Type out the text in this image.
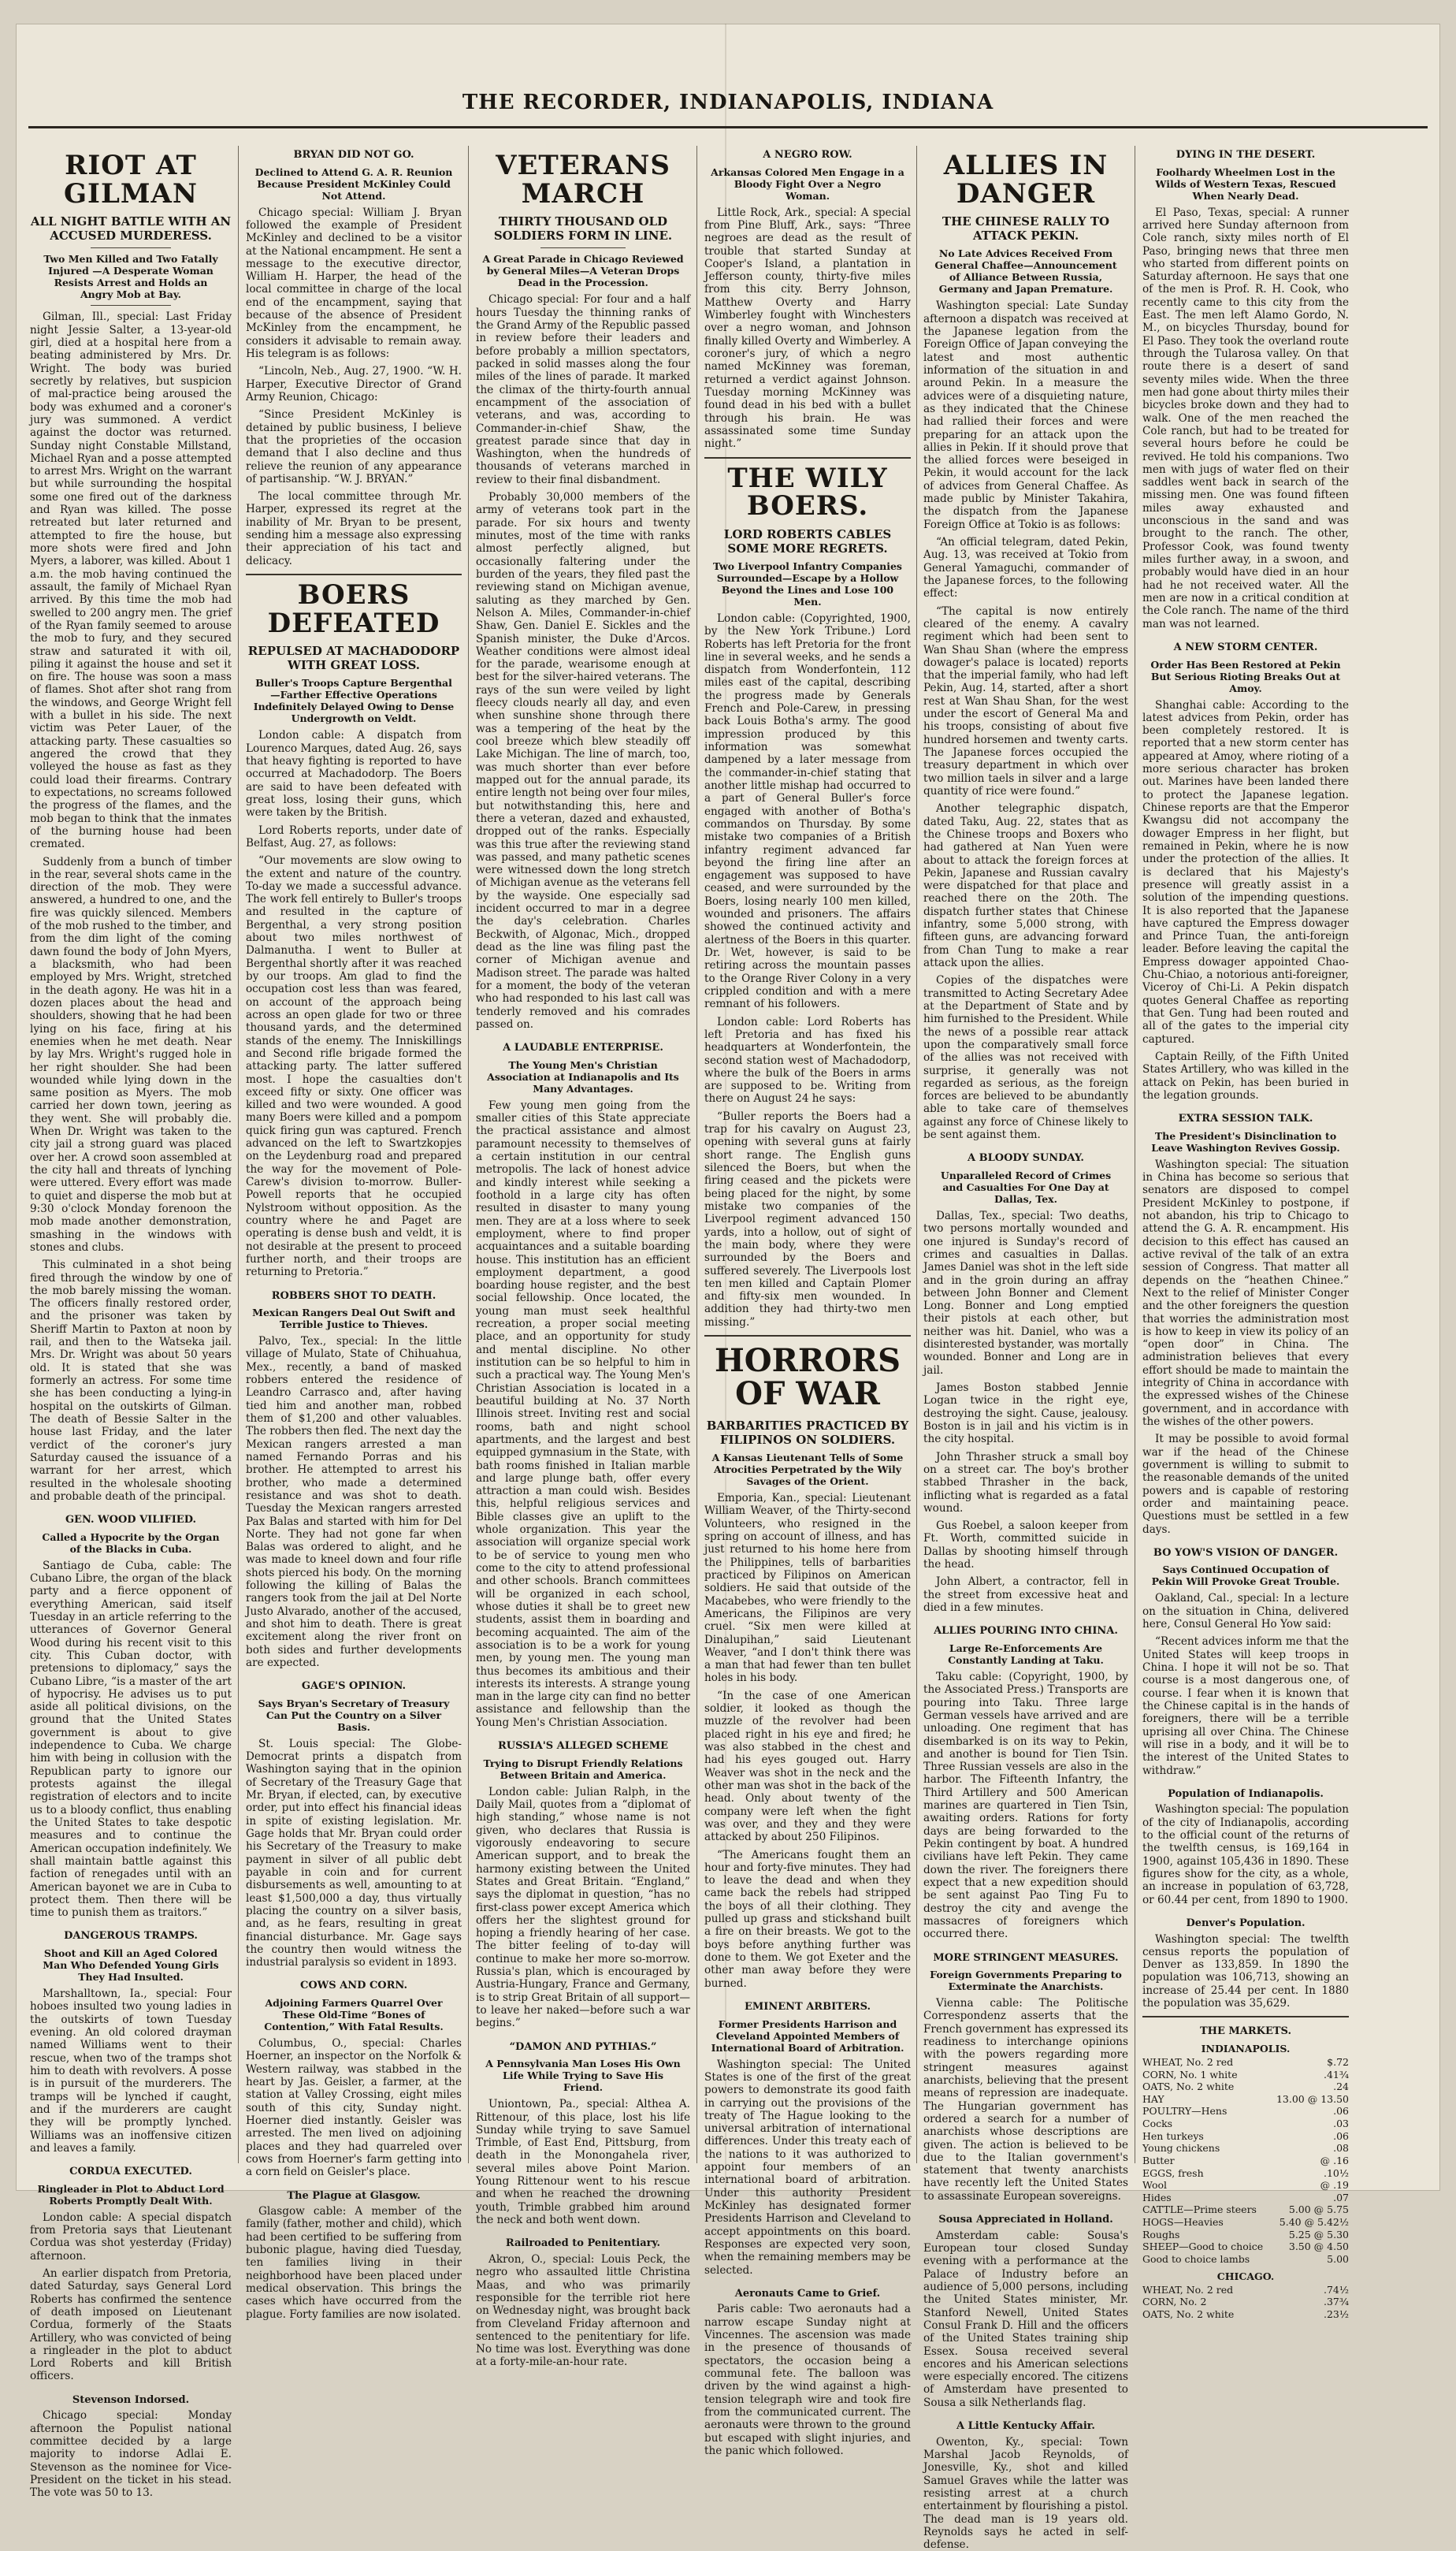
THE RECORDER, INDIANAPOLIS, INDIANA
RIOT AT GILMAN
ALL NIGHT BATTLE WITH AN ACCUSED MURDERESS.
Two Men Killed and Two Fatally Injured —A Desperate Woman Resists Arrest and Holds an Angry Mob at Bay.

Gilman, Ill., special: Last Friday night Jessie Salter, a 13-year-old girl, died at a hospital here from a beating administered by Mrs. Dr. Wright. The body was buried secretly by relatives, but suspicion of mal-practice being aroused the body was exhumed and a coroner's jury was summoned. A verdict against the doctor was returned. Sunday night Constable Millstand, Michael Ryan and a posse attempted to arrest Mrs. Wright on the warrant but while surrounding the hospital some one fired out of the darkness and Ryan was killed. The posse retreated but later returned and attempted to fire the house, but more shots were fired and John Myers, a laborer, was killed. About 1 a.m. the mob having continued the assault, the family of Michael Ryan arrived. By this time the mob had swelled to 200 angry men. The grief of the Ryan family seemed to arouse the mob to fury, and they secured straw and saturated it with oil, piling it against the house and set it on fire. The house was soon a mass of flames. Shot after shot rang from the windows, and George Wright fell with a bullet in his side. The next victim was Peter Lauer, of the attacking party. These casualties so angered the crowd that they volleyed the house as fast as they could load their firearms. Contrary to expectations, no screams followed the progress of the flames, and the mob began to think that the inmates of the burning house had been cremated.

Suddenly from a bunch of timber in the rear, several shots came in the direction of the mob. They were answered, a hundred to one, and the fire was quickly silenced. Members of the mob rushed to the timber, and from the dim light of the coming dawn found the body of John Myers, a blacksmith, who had been employed by Mrs. Wright, stretched in the death agony. He was hit in a dozen places about the head and shoulders, showing that he had been lying on his face, firing at his enemies when he met death. Near by lay Mrs. Wright's rugged hole in her right shoulder. She had been wounded while lying down in the same position as Myers. The mob carried her down town, jeering as they went. She will probably die. When Dr. Wright was taken to the city jail a strong guard was placed over her. A crowd soon assembled at the city hall and threats of lynching were uttered. Every effort was made to quiet and disperse the mob but at 9:30 o'clock Monday forenoon the mob made another demonstration, smashing in the windows with stones and clubs.

This culminated in a shot being fired through the window by one of the mob barely missing the woman. The officers finally restored order, and the prisoner was taken by Sheriff Martin to Paxton at noon by rail, and then to the Watseka jail. Mrs. Dr. Wright was about 50 years old. It is stated that she was formerly an actress. For some time she has been conducting a lying-in hospital on the outskirts of Gilman. The death of Bessie Salter in the house last Friday, and the later verdict of the coroner's jury Saturday caused the issuance of a warrant for her arrest, which resulted in the wholesale shooting and probable death of the principal.

GEN. WOOD VILIFIED.
Called a Hypocrite by the Organ of the Blacks in Cuba.

Santiago de Cuba, cable: The Cubano Libre, the organ of the black party and a fierce opponent of everything American, said itself Tuesday in an article referring to the utterances of Governor General Wood during his recent visit to this city. This Cuban doctor, with pretensions to diplomacy,” says the Cubano Libre, “is a master of the art of hypocrisy. He advises us to put aside all political divisions, on the ground that the United States government is about to give independence to Cuba. We charge him with being in collusion with the Republican party to ignore our protests against the illegal registration of electors and to incite us to a bloody conflict, thus enabling the United States to take despotic measures and to continue the American occupation indefinitely. We shall maintain battle against this faction of renegades until with an American bayonet we are in Cuba to protect them. Then there will be time to punish them as traitors.”

DANGEROUS TRAMPS.
Shoot and Kill an Aged Colored Man Who Defended Young Girls They Had Insulted.

Marshalltown, Ia., special: Four hoboes insulted two young ladies in the outskirts of town Tuesday evening. An old colored drayman named Williams went to their rescue, when two of the tramps shot him to death with revolvers. A posse is in pursuit of the murderers. The tramps will be lynched if caught, and if the murderers are caught they will be promptly lynched. Williams was an inoffensive citizen and leaves a family.

CORDUA EXECUTED.
Ringleader in Plot to Abduct Lord Roberts Promptly Dealt With.

London cable: A special dispatch from Pretoria says that Lieutenant Cordua was shot yesterday (Friday) afternoon.

An earlier dispatch from Pretoria, dated Saturday, says General Lord Roberts has confirmed the sentence of death imposed on Lieutenant Cordua, formerly of the Staats Artillery, who was convicted of being a ringleader in the plot to abduct Lord Roberts and kill British officers.

Stevenson Indorsed.

Chicago special: Monday afternoon the Populist national committee decided by a large majority to indorse Adlai E. Stevenson as the nominee for Vice-President on the ticket in his stead. The vote was 50 to 13.

BRYAN DID NOT GO.
Declined to Attend G. A. R. Reunion Because President McKinley Could Not Attend.

Chicago special: William J. Bryan followed the example of President McKinley and declined to be a visitor at the National encampment. He sent a message to the executive director, William H. Harper, the head of the local committee in charge of the local end of the encampment, saying that because of the absence of President McKinley from the encampment, he considers it advisable to remain away. His telegram is as follows:

“Lincoln, Neb., Aug. 27, 1900. “W. H. Harper, Executive Director of Grand Army Reunion, Chicago:

“Since President McKinley is detained by public business, I believe that the proprieties of the occasion demand that I also decline and thus relieve the reunion of any appearance of partisanship. “W. J. BRYAN.”

The local committee through Mr. Harper, expressed its regret at the inability of Mr. Bryan to be present, sending him a message also expressing their appreciation of his tact and delicacy.

BOERS DEFEATED
REPULSED AT MACHADODORP WITH GREAT LOSS.
Buller's Troops Capture Bergenthal—Farther Effective Operations Indefinitely Delayed Owing to Dense Undergrowth on Veldt.

London cable: A dispatch from Lourenco Marques, dated Aug. 26, says that heavy fighting is reported to have occurred at Machadodorp. The Boers are said to have been defeated with great loss, losing their guns, which were taken by the British.

Lord Roberts reports, under date of Belfast, Aug. 27, as follows:

“Our movements are slow owing to the extent and nature of the country. To-day we made a successful advance. The work fell entirely to Buller's troops and resulted in the capture of Bergenthal, a very strong position about two miles northwest of Dalmanutha. I went to Buller at Bergenthal shortly after it was reached by our troops. Am glad to find the occupation cost less than was feared, on account of the approach being across an open glade for two or three thousand yards, and the determined stands of the enemy. The Inniskillings and Second rifle brigade formed the attacking party. The latter suffered most. I hope the casualties don't exceed fifty or sixty. One officer was killed and two were wounded. A good many Boers were killed and a pompom quick firing gun was captured. French advanced on the left to Swartzkopjes on the Leydenburg road and prepared the way for the movement of Pole-Carew's division to-morrow. Buller-Powell reports that he occupied Nylstroom without opposition. As the country where he and Paget are operating is dense bush and veldt, it is not desirable at the present to proceed further north, and their troops are returning to Pretoria.”

ROBBERS SHOT TO DEATH.
Mexican Rangers Deal Out Swift and Terrible Justice to Thieves.

Palvo, Tex., special: In the little village of Mulato, State of Chihuahua, Mex., recently, a band of masked robbers entered the residence of Leandro Carrasco and, after having tied him and another man, robbed them of $1,200 and other valuables. The robbers then fled. The next day the Mexican rangers arrested a man named Fernando Porras and his brother. He attempted to arrest his brother, who made a determined resistance and was shot to death. Tuesday the Mexican rangers arrested Pax Balas and started with him for Del Norte. They had not gone far when Balas was ordered to alight, and he was made to kneel down and four rifle shots pierced his body. On the morning following the killing of Balas the rangers took from the jail at Del Norte Justo Alvarado, another of the accused, and shot him to death. There is great excitement along the river front on both sides and further developments are expected.

GAGE'S OPINION.
Says Bryan's Secretary of Treasury Can Put the Country on a Silver Basis.

St. Louis special: The Globe-Democrat prints a dispatch from Washington saying that in the opinion of Secretary of the Treasury Gage that Mr. Bryan, if elected, can, by executive order, put into effect his financial ideas in spite of existing legislation. Mr. Gage holds that Mr. Bryan could order his Secretary of the Treasury to make payment in silver of all public debt payable in coin and for current disbursements as well, amounting to at least $1,500,000 a day, thus virtually placing the country on a silver basis, and, as he fears, resulting in great financial disturbance. Mr. Gage says the country then would witness the industrial paralysis so evident in 1893.

COWS AND CORN.
Adjoining Farmers Quarrel Over These Old-Time “Bones of Contention,” With Fatal Results.

Columbus, O., special: Charles Hoerner, an inspector on the Norfolk & Western railway, was stabbed in the heart by Jas. Geisler, a farmer, at the station at Valley Crossing, eight miles south of this city, Sunday night. Hoerner died instantly. Geisler was arrested. The men lived on adjoining places and they had quarreled over cows from Hoerner's farm getting into a corn field on Geisler's place.

The Plague at Glasgow.

Glasgow cable: A member of the family (father, mother and child), which had been certified to be suffering from bubonic plague, having died Tuesday, ten families living in their neighborhood have been placed under medical observation. This brings the cases which have occurred from the plague. Forty families are now isolated.

VETERANS MARCH
THIRTY THOUSAND OLD SOLDIERS FORM IN LINE.
A Great Parade in Chicago Reviewed by General Miles—A Veteran Drops Dead in the Procession.

Chicago special: For four and a half hours Tuesday the thinning ranks of the Grand Army of the Republic passed in review before their leaders and before probably a million spectators, packed in solid masses along the four miles of the lines of parade. It marked the climax of the thirty-fourth annual encampment of the association of veterans, and was, according to Commander-in-chief Shaw, the greatest parade since that day in Washington, when the hundreds of thousands of veterans marched in review to their final disbandment.

Probably 30,000 members of the army of veterans took part in the parade. For six hours and twenty minutes, most of the time with ranks almost perfectly aligned, but occasionally faltering under the burden of the years, they filed past the reviewing stand on Michigan avenue, saluting as they marched by Gen. Nelson A. Miles, Commander-in-chief Shaw, Gen. Daniel E. Sickles and the Spanish minister, the Duke d'Arcos. Weather conditions were almost ideal for the parade, wearisome enough at best for the silver-haired veterans. The rays of the sun were veiled by light fleecy clouds nearly all day, and even when sunshine shone through there was a tempering of the heat by the cool breeze which blew steadily off Lake Michigan. The line of march, too, was much shorter than ever before mapped out for the annual parade, its entire length not being over four miles, but notwithstanding this, here and there a veteran, dazed and exhausted, dropped out of the ranks. Especially was this true after the reviewing stand was passed, and many pathetic scenes were witnessed down the long stretch of Michigan avenue as the veterans fell by the wayside. One especially sad incident occurred to mar in a degree the day's celebration. Charles Beckwith, of Algonac, Mich., dropped dead as the line was filing past the corner of Michigan avenue and Madison street. The parade was halted for a moment, the body of the veteran who had responded to his last call was tenderly removed and his comrades passed on.

A LAUDABLE ENTERPRISE.
The Young Men's Christian Association at Indianapolis and Its Many Advantages.

Few young men going from the smaller cities of this State appreciate the practical assistance and almost paramount necessity to themselves of a certain institution in our central metropolis. The lack of honest advice and kindly interest while seeking a foothold in a large city has often resulted in disaster to many young men. They are at a loss where to seek employment, where to find proper acquaintances and a suitable boarding house. This institution has an efficient employment department, a good boarding house register, and the best social fellowship. Once located, the young man must seek healthful recreation, a proper social meeting place, and an opportunity for study and mental discipline. No other institution can be so helpful to him in such a practical way. The Young Men's Christian Association is located in a beautiful building at No. 37 North Illinois street. Inviting rest and social rooms, bath and night school apartments, and the largest and best equipped gymnasium in the State, with bath rooms finished in Italian marble and large plunge bath, offer every attraction a man could wish. Besides this, helpful religious services and Bible classes give an uplift to the whole organization. This year the association will organize special work to be of service to young men who come to the city to attend professional and other schools. Branch committees will be organized in each school, whose duties it shall be to greet new students, assist them in boarding and becoming acquainted. The aim of the association is to be a work for young men, by young men. The young man thus becomes its ambitious and their interests its interests. A strange young man in the large city can find no better assistance and fellowship than the Young Men's Christian Association.

RUSSIA'S ALLEGED SCHEME
Trying to Disrupt Friendly Relations Between Britain and America.

London cable: Julian Ralph, in the Daily Mail, quotes from a “diplomat of high standing,” whose name is not given, who declares that Russia is vigorously endeavoring to secure American support, and to break the harmony existing between the United States and Great Britain. “England,” says the diplomat in question, “has no first-class power except America which offers her the slightest ground for hoping a friendly hearing of her case. The bitter feeling of to-day will continue to make her more so-morrow. Russia's plan, which is encouraged by Austria-Hungary, France and Germany, is to strip Great Britain of all support—to leave her naked—before such a war begins.”

“DAMON AND PYTHIAS.”
A Pennsylvania Man Loses His Own Life While Trying to Save His Friend.

Uniontown, Pa., special: Althea A. Rittenour, of this place, lost his life Sunday while trying to save Samuel Trimble, of East End, Pittsburg, from death in the Monongahela river, several miles above Point Marion. Young Rittenour went to his rescue and when he reached the drowning youth, Trimble grabbed him around the neck and both went down.

Railroaded to Penitentiary.

Akron, O., special: Louis Peck, the negro who assaulted little Christina Maas, and who was primarily responsible for the terrible riot here on Wednesday night, was brought back from Cleveland Friday afternoon and sentenced to the penitentiary for life. No time was lost. Everything was done at a forty-mile-an-hour rate.

A NEGRO ROW.
Arkansas Colored Men Engage in a Bloody Fight Over a Negro Woman.

Little Rock, Ark., special: A special from Pine Bluff, Ark., says: “Three negroes are dead as the result of trouble that started Sunday at Cooper's Island, a plantation in Jefferson county, thirty-five miles from this city. Berry Johnson, Matthew Overty and Harry Wimberley fought with Winchesters over a negro woman, and Johnson finally killed Overty and Wimberley. A coroner's jury, of which a negro named McKinney was foreman, returned a verdict against Johnson. Tuesday morning McKinney was found dead in his bed with a bullet through his brain. He was assassinated some time Sunday night.”

THE WILY BOERS.
LORD ROBERTS CABLES SOME MORE REGRETS.
Two Liverpool Infantry Companies Surrounded—Escape by a Hollow Beyond the Lines and Lose 100 Men.

London cable: (Copyrighted, 1900, by the New York Tribune.) Lord Roberts has left Pretoria for the front line in several weeks, and he sends a dispatch from Wonderfontein, 112 miles east of the capital, describing the progress made by Generals French and Pole-Carew, in pressing back Louis Botha's army. The good impression produced by this information was somewhat dampened by a later message from the commander-in-chief stating that another little mishap had occurred to a part of General Buller's force engaged with another of Botha's commandos on Thursday. By some mistake two companies of a British infantry regiment advanced far beyond the firing line after an engagement was supposed to have ceased, and were surrounded by the Boers, losing nearly 100 men killed, wounded and prisoners. The affairs showed the continued activity and alertness of the Boers in this quarter. Dr. Wet, however, is said to be retiring across the mountain passes to the Orange River Colony in a very crippled condition and with a mere remnant of his followers.

London cable: Lord Roberts has left Pretoria and has fixed his headquarters at Wonderfontein, the second station west of Machadodorp, where the bulk of the Boers in arms are supposed to be. Writing from there on August 24 he says:

“Buller reports the Boers had a trap for his cavalry on August 23, opening with several guns at fairly short range. The English guns silenced the Boers, but when the firing ceased and the pickets were being placed for the night, by some mistake two companies of the Liverpool regiment advanced 150 yards, into a hollow, out of sight of the main body, where they were surrounded by the Boers and suffered severely. The Liverpools lost ten men killed and Captain Plomer and fifty-six men wounded. In addition they had thirty-two men missing.”

HORRORS OF WAR
BARBARITIES PRACTICED BY FILIPINOS ON SOLDIERS.
A Kansas Lieutenant Tells of Some Atrocities Perpetrated by the Wily Savages of the Orient.

Emporia, Kan., special: Lieutenant William Weaver, of the Thirty-second Volunteers, who resigned in the spring on account of illness, and has just returned to his home here from the Philippines, tells of barbarities practiced by Filipinos on American soldiers. He said that outside of the Macabebes, who were friendly to the Americans, the Filipinos are very cruel. “Six men were killed at Dinalupihan,” said Lieutenant Weaver, “and I don't think there was a man that had fewer than ten bullet holes in his body.

“In the case of one American soldier, it looked as though the muzzle of the revolver had been placed right in his eye and fired; he was also stabbed in the chest and had his eyes gouged out. Harry Weaver was shot in the neck and the other man was shot in the back of the head. Only about twenty of the company were left when the fight was over, and they and they were attacked by about 250 Filipinos.

“The Americans fought them an hour and forty-five minutes. They had to leave the dead and when they came back the rebels had stripped the boys of all their clothing. They pulled up grass and stickshand built a fire on their breasts. We got to the boys before anything further was done to them. We got Exeter and the other man away before they were burned.

EMINENT ARBITERS.
Former Presidents Harrison and Cleveland Appointed Members of International Board of Arbitration.

Washington special: The United States is one of the first of the great powers to demonstrate its good faith in carrying out the provisions of the treaty of The Hague looking to the universal arbitration of international differences. Under this treaty each of the nations to it was authorized to appoint four members of an international board of arbitration. Under this authority President McKinley has designated former Presidents Harrison and Cleveland to accept appointments on this board. Responses are expected very soon, when the remaining members may be selected.

Aeronauts Came to Grief.

Paris cable: Two aeronauts had a narrow escape Sunday night at Vincennes. The ascension was made in the presence of thousands of spectators, the occasion being a communal fete. The balloon was driven by the wind against a high-tension telegraph wire and took fire from the communicated current. The aeronauts were thrown to the ground but escaped with slight injuries, and the panic which followed.

ALLIES IN DANGER
THE CHINESE RALLY TO ATTACK PEKIN.
No Late Advices Received From General Chaffee—Announcement of Alliance Between Russia, Germany and Japan Premature.

Washington special: Late Sunday afternoon a dispatch was received at the Japanese legation from the Foreign Office of Japan conveying the latest and most authentic information of the situation in and around Pekin. In a measure the advices were of a disquieting nature, as they indicated that the Chinese had rallied their forces and were preparing for an attack upon the allies in Pekin. If it should prove that the allied forces were beseiged in Pekin, it would account for the lack of advices from General Chaffee. As made public by Minister Takahira, the dispatch from the Japanese Foreign Office at Tokio is as follows:

“An official telegram, dated Pekin, Aug. 13, was received at Tokio from General Yamaguchi, commander of the Japanese forces, to the following effect:

“The capital is now entirely cleared of the enemy. A cavalry regiment which had been sent to Wan Shau Shan (where the empress dowager's palace is located) reports that the imperial family, who had left Pekin, Aug. 14, started, after a short rest at Wan Shau Shan, for the west under the escort of General Ma and his troops, consisting of about five hundred horsemen and twenty carts. The Japanese forces occupied the treasury department in which over two million taels in silver and a large quantity of rice were found.”

Another telegraphic dispatch, dated Taku, Aug. 22, states that as the Chinese troops and Boxers who had gathered at Nan Yuen were about to attack the foreign forces at Pekin, Japanese and Russian cavalry were dispatched for that place and reached there on the 20th. The dispatch further states that Chinese infantry, some 5,000 strong, with fifteen guns, are advancing forward from Chan Tung to make a rear attack upon the allies.

Copies of the dispatches were transmitted to Acting Secretary Adee at the Department of State and by him furnished to the President. While the news of a possible rear attack upon the comparatively small force of the allies was not received with surprise, it generally was not regarded as serious, as the foreign forces are believed to be abundantly able to take care of themselves against any force of Chinese likely to be sent against them.

A BLOODY SUNDAY.
Unparalleled Record of Crimes and Casualties For One Day at Dallas, Tex.

Dallas, Tex., special: Two deaths, two persons mortally wounded and one injured is Sunday's record of crimes and casualties in Dallas. James Daniel was shot in the left side and in the groin during an affray between John Bonner and Clement Long. Bonner and Long emptied their pistols at each other, but neither was hit. Daniel, who was a disinterested bystander, was mortally wounded. Bonner and Long are in jail.

James Boston stabbed Jennie Logan twice in the right eye, destroying the sight. Cause, jealousy. Boston is in jail and his victim is in the city hospital.

John Thrasher struck a small boy on a street car. The boy's brother stabbed Thrasher in the back, inflicting what is regarded as a fatal wound.

Gus Roebel, a saloon keeper from Ft. Worth, committed suicide in Dallas by shooting himself through the head.

John Albert, a contractor, fell in the street from excessive heat and died in a few minutes.

ALLIES POURING INTO CHINA.
Large Re-Enforcements Are Constantly Landing at Taku.

Taku cable: (Copyright, 1900, by the Associated Press.) Transports are pouring into Taku. Three large German vessels have arrived and are unloading. One regiment that has disembarked is on its way to Pekin, and another is bound for Tien Tsin. Three Russian vessels are also in the harbor. The Fifteenth Infantry, the Third Artillery and 500 American marines are quartered in Tien Tsin, awaiting orders. Rations for forty days are being forwarded to the Pekin contingent by boat. A hundred civilians have left Pekin. They came down the river. The foreigners there expect that a new expedition should be sent against Pao Ting Fu to destroy the city and avenge the massacres of foreigners which occurred there.

MORE STRINGENT MEASURES.
Foreign Governments Preparing to Exterminate the Anarchists.

Vienna cable: The Politische Correspondenz asserts that the French government has expressed its readiness to interchange opinions with the powers regarding more stringent measures against anarchists, believing that the present means of repression are inadequate. The Hungarian government has ordered a search for a number of anarchists whose descriptions are given. The action is believed to be due to the Italian government's statement that twenty anarchists have recently left the United States to assassinate European sovereigns.

Sousa Appreciated in Holland.

Amsterdam cable: Sousa's European tour closed Sunday evening with a performance at the Palace of Industry before an audience of 5,000 persons, including the United States minister, Mr. Stanford Newell, United States Consul Frank D. Hill and the officers of the United States training ship Essex. Sousa received several encores and his American selections were especially encored. The citizens of Amsterdam have presented to Sousa a silk Netherlands flag.

A Little Kentucky Affair.

Owenton, Ky., special: Town Marshal Jacob Reynolds, of Jonesville, Ky., shot and killed Samuel Graves while the latter was resisting arrest at a church entertainment by flourishing a pistol. The dead man is 19 years old. Reynolds says he acted in self-defense.

DYING IN THE DESERT.
Foolhardy Wheelmen Lost in the Wilds of Western Texas, Rescued When Nearly Dead.

El Paso, Texas, special: A runner arrived here Sunday afternoon from Cole ranch, sixty miles north of El Paso, bringing news that three men who started from different points on Saturday afternoon. He says that one of the men is Prof. R. H. Cook, who recently came to this city from the East. The men left Alamo Gordo, N. M., on bicycles Thursday, bound for El Paso. They took the overland route through the Tularosa valley. On that route there is a desert of sand seventy miles wide. When the three men had gone about thirty miles their bicycles broke down and they had to walk. One of the men reached the Cole ranch, but had to be treated for several hours before he could be revived. He told his companions. Two men with jugs of water fled on their saddles went back in search of the missing men. One was found fifteen miles away exhausted and unconscious in the sand and was brought to the ranch. The other, Professor Cook, was found twenty miles further away, in a swoon, and probably would have died in an hour had he not received water. All the men are now in a critical condition at the Cole ranch. The name of the third man was not learned.

A NEW STORM CENTER.
Order Has Been Restored at Pekin But Serious Rioting Breaks Out at Amoy.

Shanghai cable: According to the latest advices from Pekin, order has been completely restored. It is reported that a new storm center has appeared at Amoy, where rioting of a more serious character has broken out. Marines have been landed there to protect the Japanese legation. Chinese reports are that the Emperor Kwangsu did not accompany the dowager Empress in her flight, but remained in Pekin, where he is now under the protection of the allies. It is declared that his Majesty's presence will greatly assist in a solution of the impending questions. It is also reported that the Japanese have captured the Empress dowager and Prince Tuan, the anti-foreign leader. Before leaving the capital the Empress dowager appointed Chao-Chu-Chiao, a notorious anti-foreigner, Viceroy of Chi-Li. A Pekin dispatch quotes General Chaffee as reporting that Gen. Tung had been routed and all of the gates to the imperial city captured.

Captain Reilly, of the Fifth United States Artillery, who was killed in the attack on Pekin, has been buried in the legation grounds.

EXTRA SESSION TALK.
The President's Disinclination to Leave Washington Revives Gossip.

Washington special: The situation in China has become so serious that senators are disposed to compel President McKinley to postpone, if not abandon, his trip to Chicago to attend the G. A. R. encampment. His decision to this effect has caused an active revival of the talk of an extra session of Congress. That matter all depends on the “heathen Chinee.” Next to the relief of Minister Conger and the other foreigners the question that worries the administration most is how to keep in view its policy of an “open door” in China. The administration believes that every effort should be made to maintain the integrity of China in accordance with the expressed wishes of the Chinese government, and in accordance with the wishes of the other powers.

It may be possible to avoid formal war if the head of the Chinese government is willing to submit to the reasonable demands of the united powers and is capable of restoring order and maintaining peace. Questions must be settled in a few days.

BO YOW'S VISION OF DANGER.
Says Continued Occupation of Pekin Will Provoke Great Trouble.

Oakland, Cal., special: In a lecture on the situation in China, delivered here, Consul General Ho Yow said:

“Recent advices inform me that the United States will keep troops in China. I hope it will not be so. That course is a most dangerous one, of course. I fear when it is known that the Chinese capital is in the hands of foreigners, there will be a terrible uprising all over China. The Chinese will rise in a body, and it will be to the interest of the United States to withdraw.”

Population of Indianapolis.

Washington special: The population of the city of Indianapolis, according to the official count of the returns of the twelfth census, is 169,164 in 1900, against 105,436 in 1890. These figures show for the city, as a whole, an increase in population of 63,728, or 60.44 per cent, from 1890 to 1900.

Denver's Population.

Washington special: The twelfth census reports the population of Denver as 133,859. In 1890 the population was 106,713, showing an increase of 25.44 per cent. In 1880 the population was 35,629.

THE MARKETS.
INDIANAPOLIS.
WHEAT, No. 2 red	$.72
CORN, No. 1 white	.41¾
OATS, No. 2 white	.24
HAY	13.00 @ 13.50
POULTRY—Hens	.06
Cocks	.03
Hen turkeys	.06
Young chickens	.08
Butter	@ .16
EGGS, fresh	.10½
Wool	@ .19
Hides	.07
CATTLE—Prime steers	5.00 @ 5.75
HOGS—Heavies	5.40 @ 5.42½
Roughs	5.25 @ 5.30
SHEEP—Good to choice	3.50 @ 4.50
Good to choice lambs	5.00
CHICAGO.
WHEAT, No. 2 red	.74½
CORN, No. 2	.37¾
OATS, No. 2 white	.23½
